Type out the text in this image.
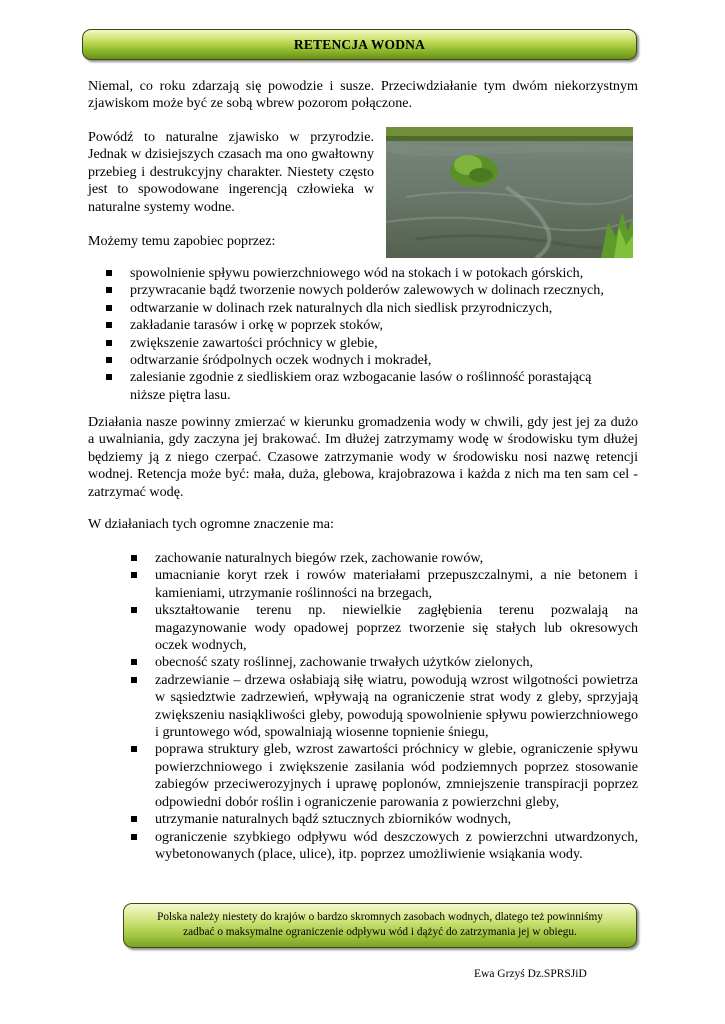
RETENCJA WODNA
Niemal, co roku zdarzają się powodzie i susze. Przeciwdziałanie tym dwóm niekorzystnym zjawiskom może być ze sobą wbrew pozorom połączone.
Powódź to naturalne zjawisko w przyrodzie. Jednak w dzisiejszych czasach ma ono gwałtowny przebieg i destrukcyjny charakter. Niestety często jest to spowodowane ingerencją człowieka w naturalne systemy wodne.
Możemy temu zapobiec poprzez:
spowolnienie spływu powierzchniowego wód na stokach i w potokach górskich,
przywracanie bądź tworzenie nowych polderów zalewowych w dolinach rzecznych,
odtwarzanie w dolinach rzek naturalnych dla nich siedlisk przyrodniczych,
zakładanie tarasów i orkę w poprzek stoków,
zwiększenie zawartości próchnicy w glebie,
odtwarzanie śródpolnych oczek wodnych i mokradeł,
zalesianie zgodnie z siedliskiem oraz wzbogacanie lasów o roślinność porastającą niższe piętra lasu.
Działania nasze powinny zmierzać w kierunku gromadzenia wody w chwili, gdy jest jej za dużo a uwalniania, gdy zaczyna jej brakować. Im dłużej zatrzymamy wodę w środowisku tym dłużej będziemy ją z niego czerpać. Czasowe zatrzymanie wody w środowisku nosi nazwę retencji wodnej. Retencja może być: mała, duża, glebowa, krajobrazowa i każda z nich ma ten sam cel - zatrzymać wodę.
W działaniach tych ogromne znaczenie ma:
zachowanie naturalnych biegów rzek, zachowanie rowów,
umacnianie koryt rzek i rowów materiałami przepuszczalnymi, a nie betonem i kamieniami, utrzymanie roślinności na brzegach,
ukształtowanie terenu np. niewielkie zagłębienia terenu pozwalają na magazynowanie wody opadowej poprzez tworzenie się stałych lub okresowych oczek wodnych,
obecność szaty roślinnej, zachowanie trwałych użytków zielonych,
zadrzewianie – drzewa osłabiają siłę wiatru, powodują wzrost wilgotności powietrza w sąsiedztwie zadrzewień, wpływają na ograniczenie strat wody z gleby, sprzyjają zwiększeniu nasiąkliwości gleby, powodują spowolnienie spływu powierzchniowego i gruntowego wód, spowalniają wiosenne topnienie śniegu,
poprawa struktury gleb, wzrost zawartości próchnicy w glebie, ograniczenie spływu powierzchniowego i zwiększenie zasilania wód podziemnych poprzez stosowanie zabiegów przeciwerozyjnych i uprawę poplonów, zmniejszenie transpiracji poprzez odpowiedni dobór roślin i ograniczenie parowania z powierzchni gleby,
utrzymanie naturalnych bądź sztucznych zbiorników wodnych,
ograniczenie szybkiego odpływu wód deszczowych z powierzchni utwardzonych, wybetonowanych (place, ulice), itp. poprzez umożliwienie wsiąkania wody.
Polska należy niestety do krajów o bardzo skromnych zasobach wodnych, dlatego też powinniśmy
zadbać o maksymalne ograniczenie odpływu wód i dążyć do zatrzymania jej w obiegu.
Ewa Grzyś Dz.SPRSJiD
